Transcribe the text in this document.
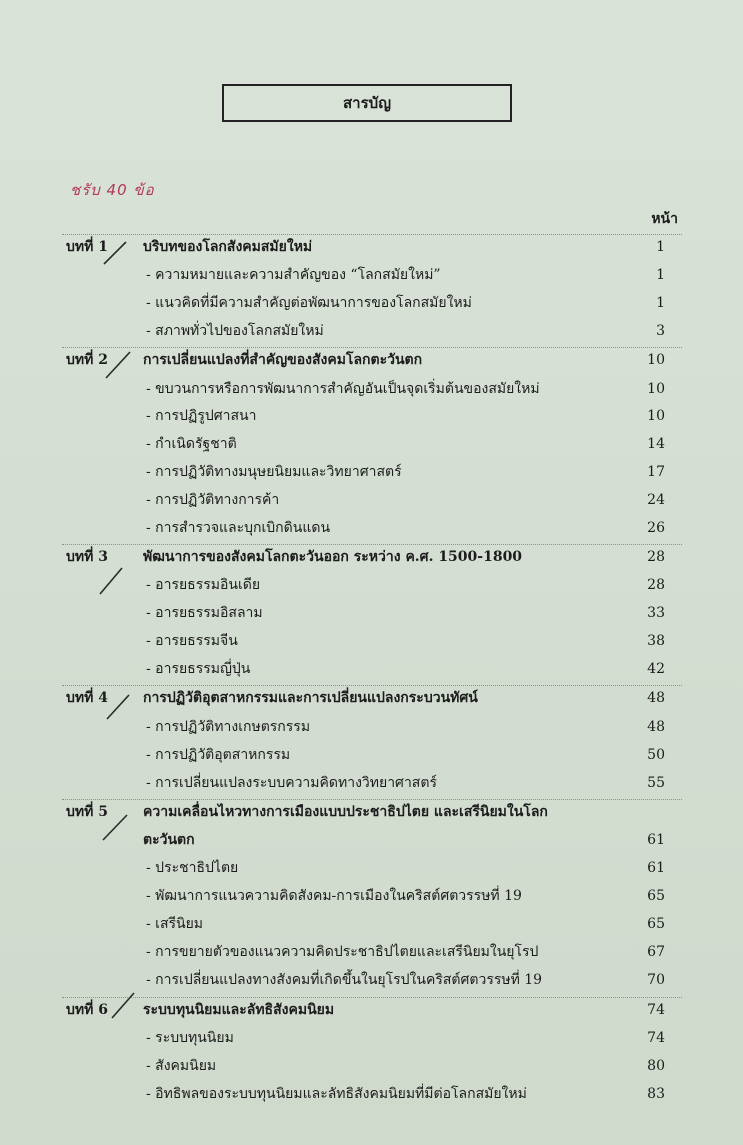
สารบัญ
ชรับ 40 ข้อ
หน้า
บทที่ 1	บริบทของโลกสังคมสมัยใหม่	1
- ความหมายและความสำคัญของ “โลกสมัยใหม่”	1
- แนวคิดที่มีความสำคัญต่อพัฒนาการของโลกสมัยใหม่	1
- สภาพทั่วไปของโลกสมัยใหม่	3
บทที่ 2	การเปลี่ยนแปลงที่สำคัญของสังคมโลกตะวันตก	10
- ขบวนการหรือการพัฒนาการสำคัญอันเป็นจุดเริ่มต้นของสมัยใหม่	10
- การปฏิรูปศาสนา	10
- กำเนิดรัฐชาติ	14
- การปฏิวัติทางมนุษยนิยมและวิทยาศาสตร์	17
- การปฏิวัติทางการค้า	24
- การสำรวจและบุกเบิกดินแดน	26
บทที่ 3	พัฒนาการของสังคมโลกตะวันออก ระหว่าง ค.ศ. 1500-1800	28
- อารยธรรมอินเดีย	28
- อารยธรรมอิสลาม	33
- อารยธรรมจีน	38
- อารยธรรมญี่ปุ่น	42
บทที่ 4	การปฏิวัติอุตสาหกรรมและการเปลี่ยนแปลงกระบวนทัศน์	48
- การปฏิวัติทางเกษตรกรรม	48
- การปฏิวัติอุตสาหกรรม	50
- การเปลี่ยนแปลงระบบความคิดทางวิทยาศาสตร์	55
บทที่ 5	ความเคลื่อนไหวทางการเมืองแบบประชาธิปไตย และเสรีนิยมในโลก
ตะวันตก	61
- ประชาธิปไตย	61
- พัฒนาการแนวความคิดสังคม-การเมืองในคริสต์ศตวรรษที่ 19	65
- เสรีนิยม	65
- การขยายตัวของแนวความคิดประชาธิปไตยและเสรีนิยมในยุโรป	67
- การเปลี่ยนแปลงทางสังคมที่เกิดขึ้นในยุโรปในคริสต์ศตวรรษที่ 19	70
บทที่ 6	ระบบทุนนิยมและลัทธิสังคมนิยม	74
- ระบบทุนนิยม	74
- สังคมนิยม	80
- อิทธิพลของระบบทุนนิยมและลัทธิสังคมนิยมที่มีต่อโลกสมัยใหม่	83
